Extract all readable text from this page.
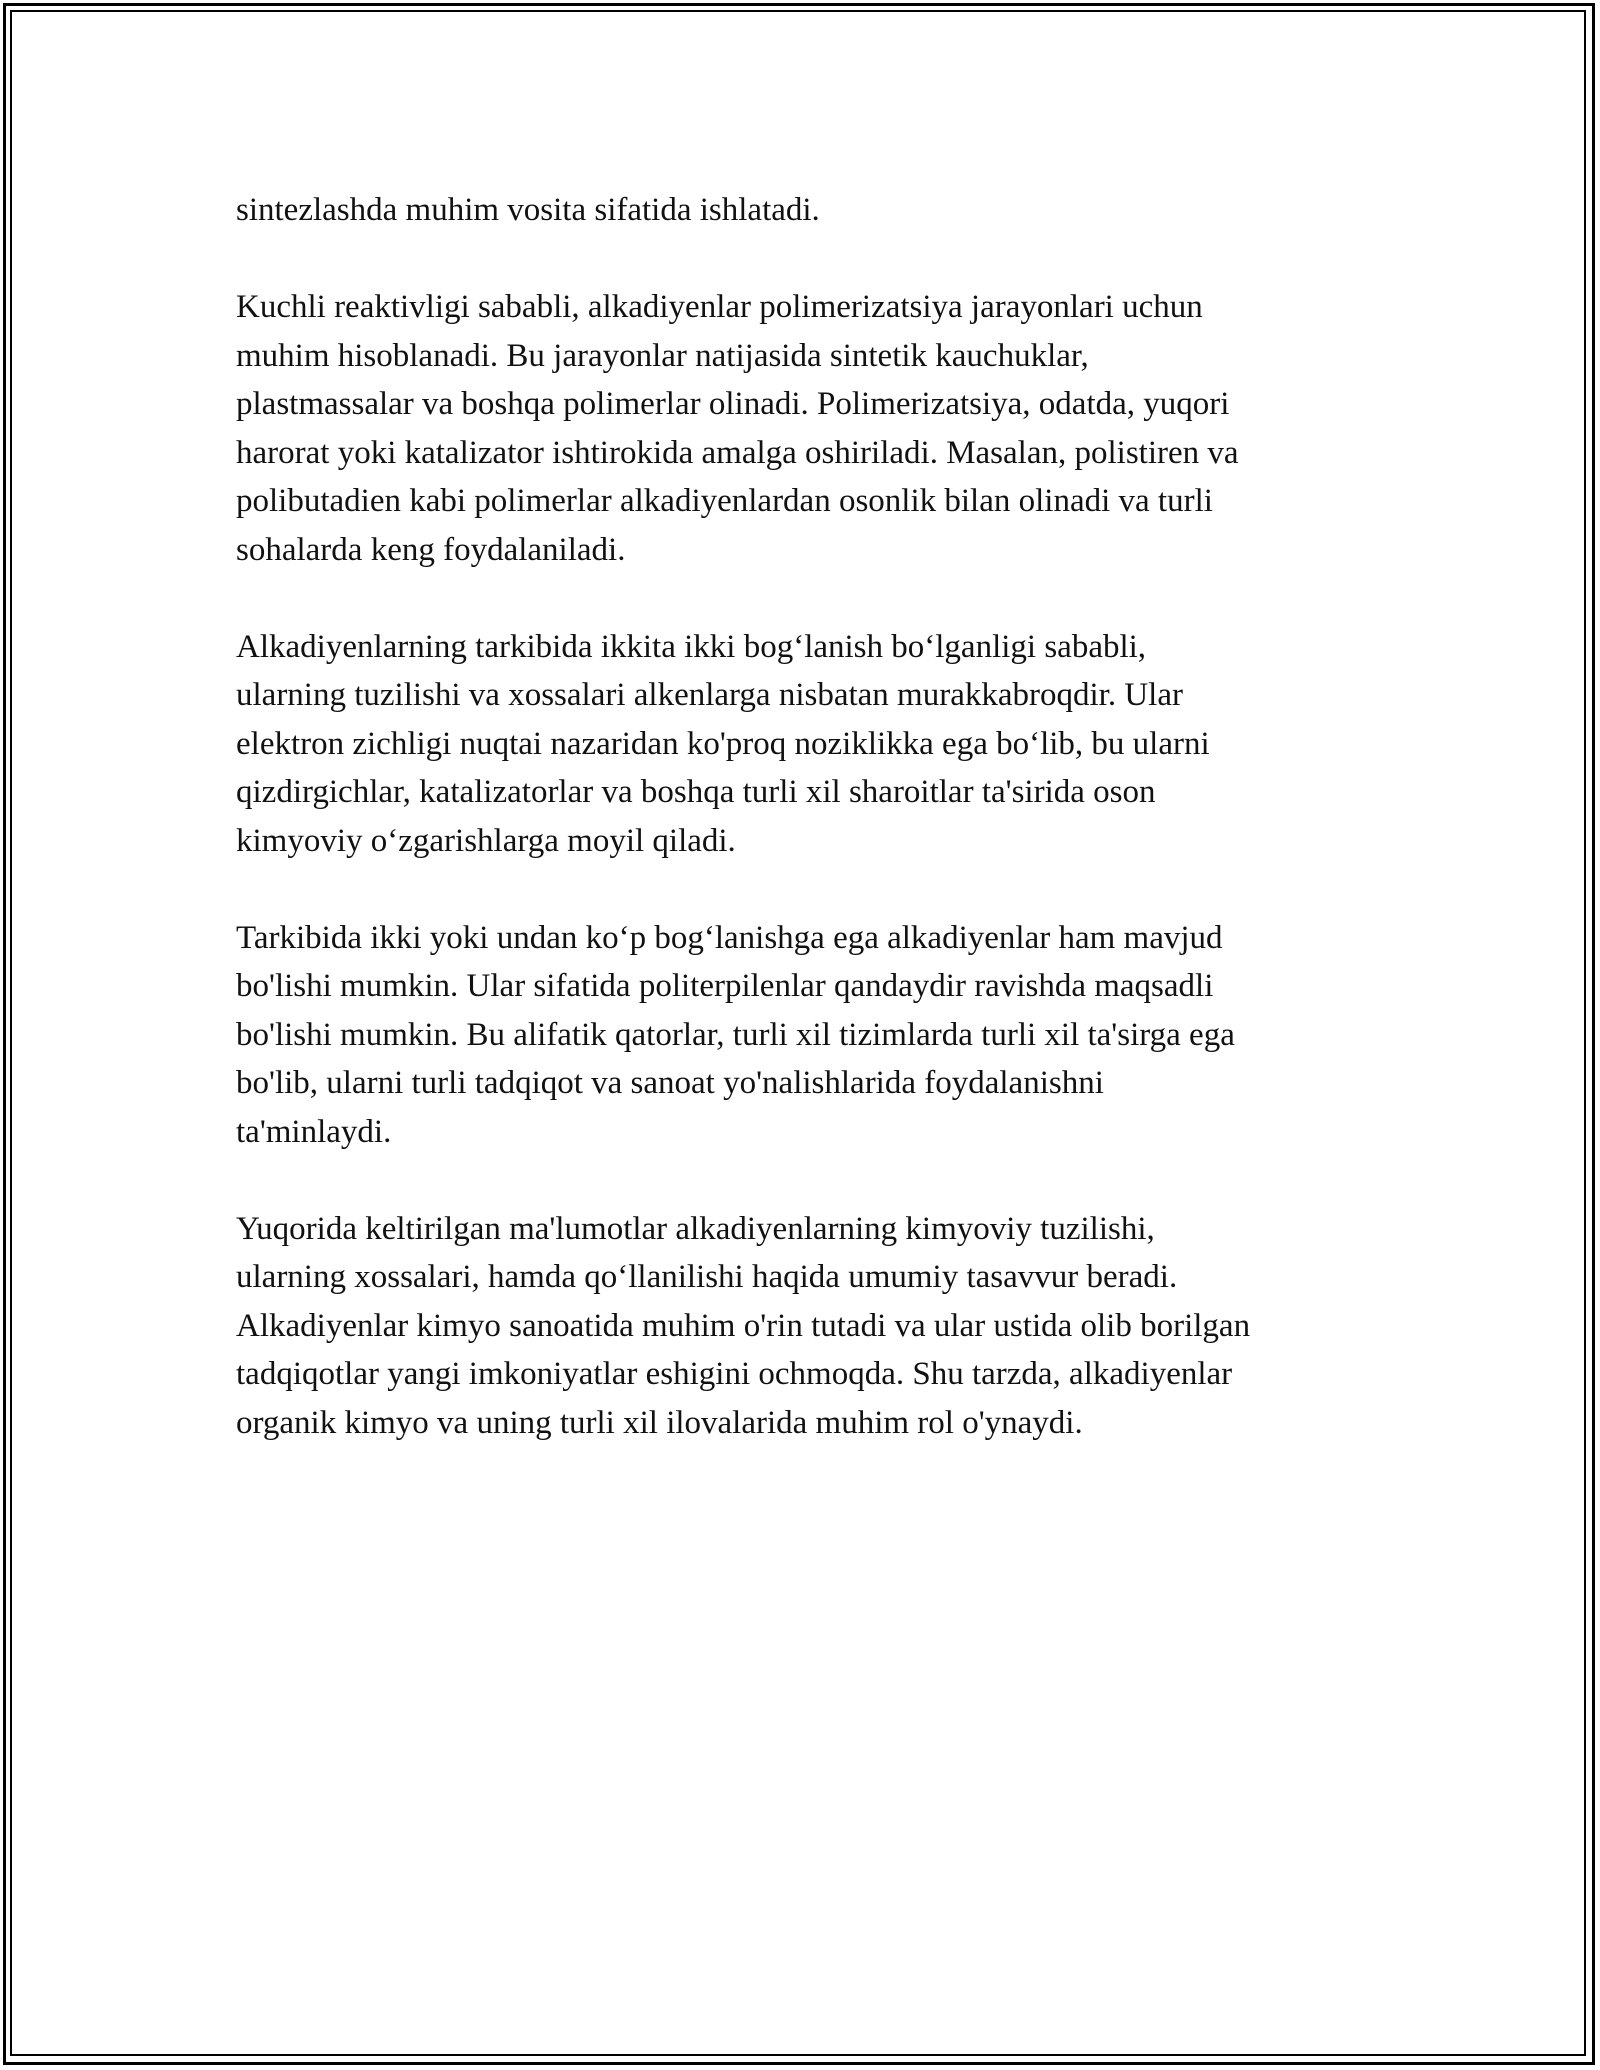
sintezlashda muhim vosita sifatida ishlatadi.

Kuchli reaktivligi sababli, alkadiyenlar polimerizatsiya jarayonlari uchun
muhim hisoblanadi. Bu jarayonlar natijasida sintetik kauchuklar,
plastmassalar va boshqa polimerlar olinadi. Polimerizatsiya, odatda, yuqori
harorat yoki katalizator ishtirokida amalga oshiriladi. Masalan, polistiren va
polibutadien kabi polimerlar alkadiyenlardan osonlik bilan olinadi va turli
sohalarda keng foydalaniladi.

Alkadiyenlarning tarkibida ikkita ikki bog‘lanish bo‘lganligi sababli,
ularning tuzilishi va xossalari alkenlarga nisbatan murakkabroqdir. Ular
elektron zichligi nuqtai nazaridan ko'proq noziklikka ega bo‘lib, bu ularni
qizdirgichlar, katalizatorlar va boshqa turli xil sharoitlar ta'sirida oson
kimyoviy o‘zgarishlarga moyil qiladi.

Tarkibida ikki yoki undan ko‘p bog‘lanishga ega alkadiyenlar ham mavjud
bo'lishi mumkin. Ular sifatida politerpilenlar qandaydir ravishda maqsadli
bo'lishi mumkin. Bu alifatik qatorlar, turli xil tizimlarda turli xil ta'sirga ega
bo'lib, ularni turli tadqiqot va sanoat yo'nalishlarida foydalanishni
ta'minlaydi.

Yuqorida keltirilgan ma'lumotlar alkadiyenlarning kimyoviy tuzilishi,
ularning xossalari, hamda qo‘llanilishi haqida umumiy tasavvur beradi.
Alkadiyenlar kimyo sanoatida muhim o'rin tutadi va ular ustida olib borilgan
tadqiqotlar yangi imkoniyatlar eshigini ochmoqda. Shu tarzda, alkadiyenlar
organik kimyo va uning turli xil ilovalarida muhim rol o'ynaydi.
